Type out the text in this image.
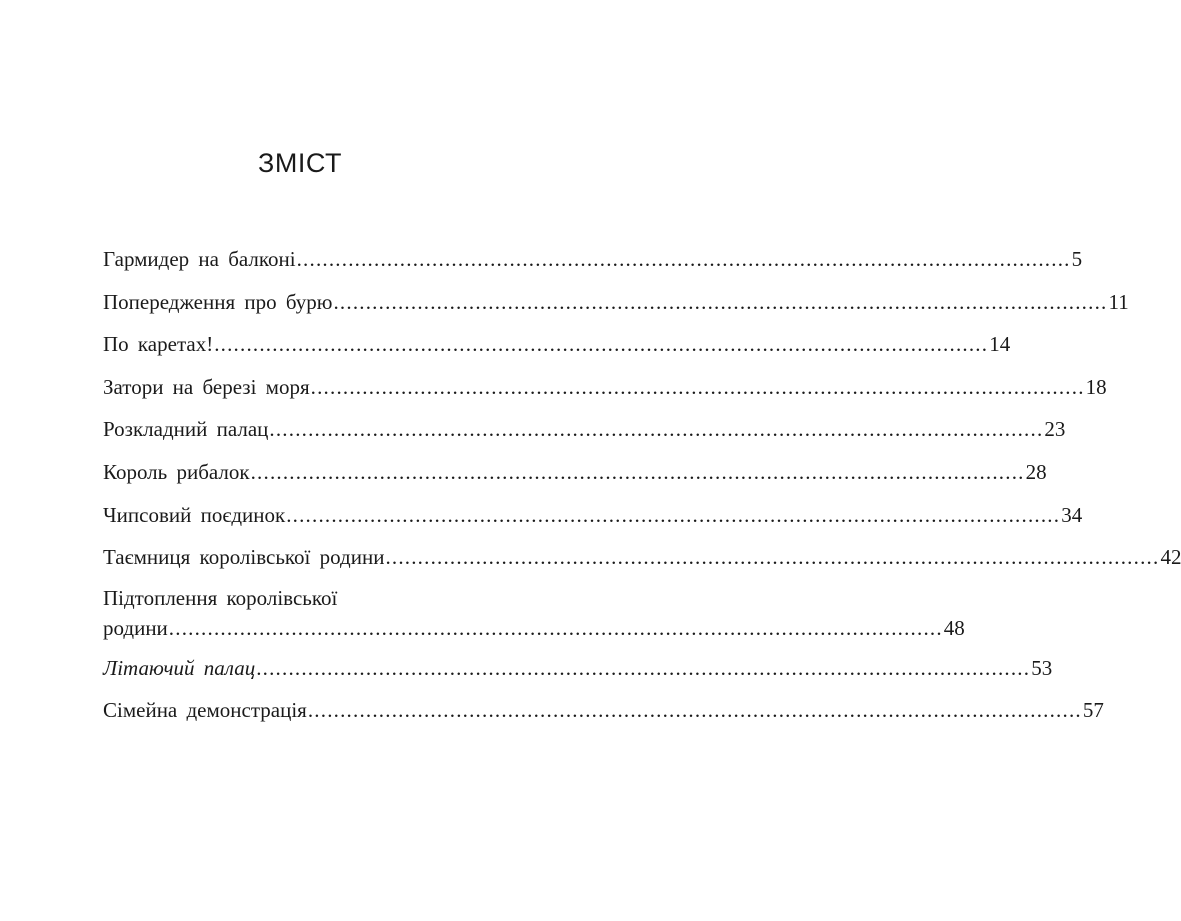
ЗМІСТ
Гармидер на балконі .....	5
Попередження про бурю .....	11
По каретах! .....	14
Затори на березі моря .....	18
Розкладний палац .....	23
Король рибалок .....	28
Чипсовий поєдинок .....	34
Таємниця королівської родини .....	42
Підтоплення королівської
родини .....	48
Літаючий палац .....	53
Сімейна демонстрація .....	57
